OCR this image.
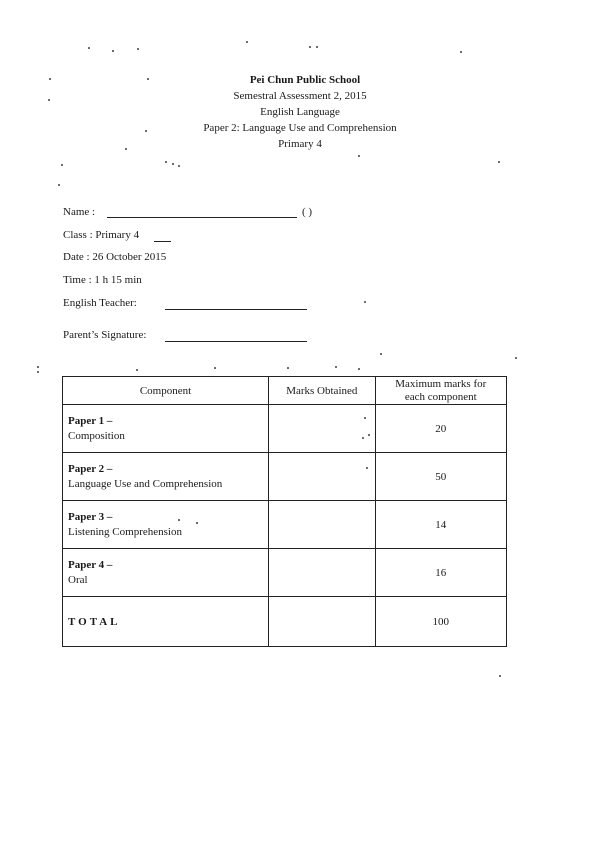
Pei Chun Public School
Semestral Assessment 2, 2015
English Language
Paper 2: Language Use and Comprehension
Primary 4
Name :	( )
Class : Primary 4
Date : 26 October 2015
Time : 1 h 15 min
English Teacher:
Parent’s Signature:
Component	Marks Obtained	Maximum marks for
each component

Paper 1 –
Composition		20

Paper 2 –
Language Use and Comprehension		50

Paper 3 –
Listening Comprehension		14

Paper 4 –
Oral		16
TOTAL		100
